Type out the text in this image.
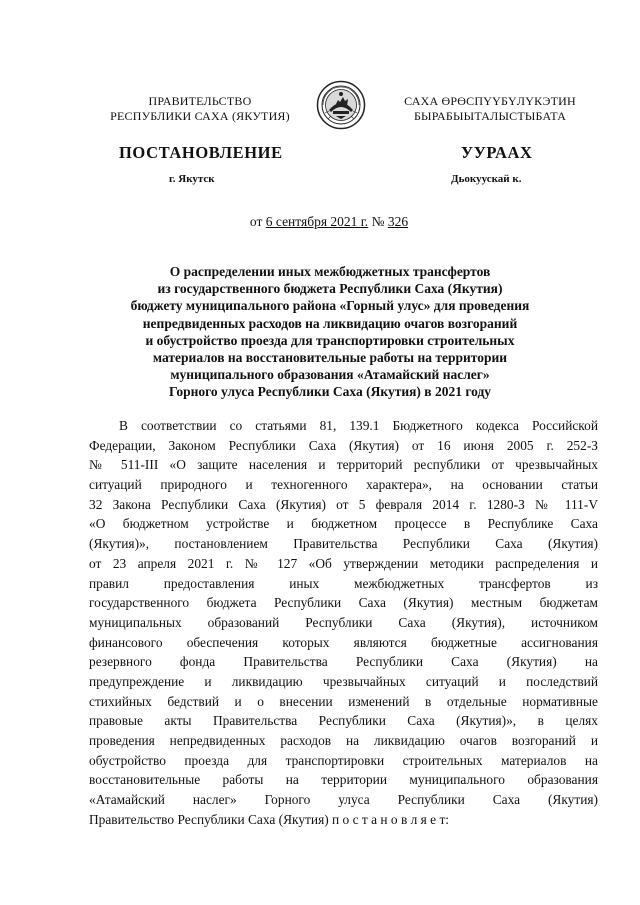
ПРАВИТЕЛЬСТВО
РЕСПУБЛИКИ САХА (ЯКУТИЯ)
САХА ӨРӨСПҮҮБҮЛҮКЭТИН
БЫРАБЫЫТАЛЫСТЫБАТА
ПОСТАНОВЛЕНИЕ	УУРААХ
г. Якутск	Дьокуускай к.
от 6 сентября 2021 г. № 326
О распределении иных межбюджетных трансфертов
из государственного бюджета Республики Саха (Якутия)
бюджету муниципального района «Горный улус» для проведения
непредвиденных расходов на ликвидацию очагов возгораний
и обустройство проезда для транспортировки строительных
материалов на восстановительные работы на территории
муниципального образования «Атамайский наслег»
Горного улуса Республики Саха (Якутия) в 2021 году
В соответствии со статьями 81, 139.1 Бюджетного кодекса Российской
Федерации, Законом Республики Саха (Якутия) от 16 июня 2005 г. 252-З
№ 511-III «О защите населения и территорий республики от чрезвычайных
ситуаций природного и техногенного характера», на основании статьи
32 Закона Республики Саха (Якутия) от 5 февраля 2014 г. 1280-З № 111-V
«О бюджетном устройстве и бюджетном процессе в Республике Саха
(Якутия)», постановлением Правительства Республики Саха (Якутия)
от 23 апреля 2021 г. № 127 «Об утверждении методики распределения и
правил предоставления иных межбюджетных трансфертов из
государственного бюджета Республики Саха (Якутия) местным бюджетам
муниципальных образований Республики Саха (Якутия), источником
финансового обеспечения которых являются бюджетные ассигнования
резервного фонда Правительства Республики Саха (Якутия) на
предупреждение и ликвидацию чрезвычайных ситуаций и последствий
стихийных бедствий и о внесении изменений в отдельные нормативные
правовые акты Правительства Республики Саха (Якутия)», в целях
проведения непредвиденных расходов на ликвидацию очагов возгораний и
обустройство проезда для транспортировки строительных материалов на
восстановительные работы на территории муниципального образования
«Атамайский наслег» Горного улуса Республики Саха (Якутия)
Правительство Республики Саха (Якутия) п о с т а н о в л я е т:
